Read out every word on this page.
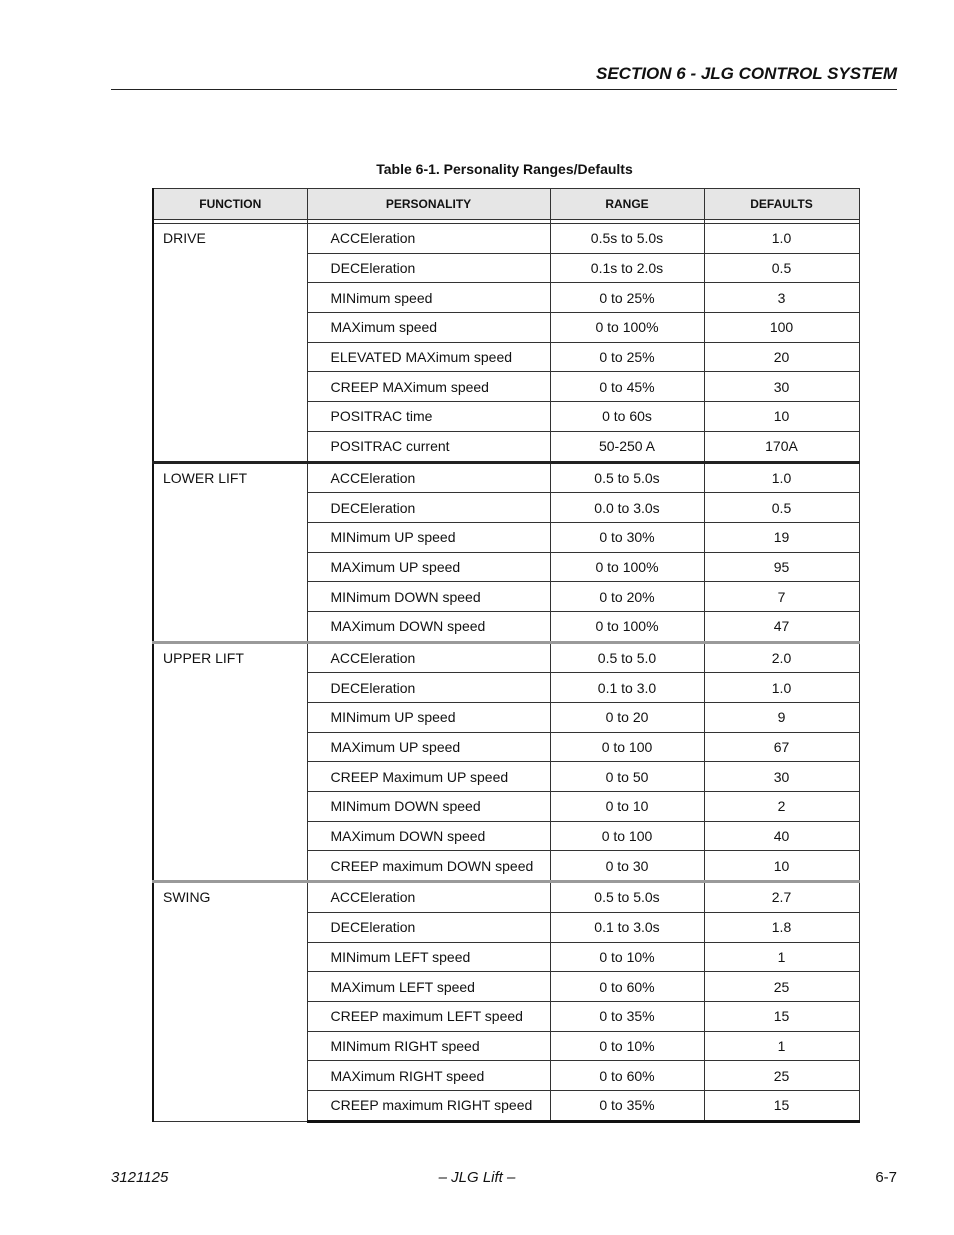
SECTION 6 - JLG CONTROL SYSTEM
Table 6-1. Personality Ranges/Defaults
FUNCTION	PERSONALITY	RANGE	DEFAULTS

DRIVE	ACCEleration	0.5s to 5.0s	1.0
	DECEleration	0.1s to 2.0s	0.5
	MINimum speed	0 to 25%	3
	MAXimum speed	0 to 100%	100
	ELEVATED MAXimum speed	0 to 25%	20
	CREEP MAXimum speed	0 to 45%	30
	POSITRAC time	0 to 60s	10
	POSITRAC current	50-250 A	170A
LOWER LIFT	ACCEleration	0.5 to 5.0s	1.0
	DECEleration	0.0 to 3.0s	0.5
	MINimum UP speed	0 to 30%	19
	MAXimum UP speed	0 to 100%	95
	MINimum DOWN speed	0 to 20%	7
	MAXimum DOWN speed	0 to 100%	47
UPPER LIFT	ACCEleration	0.5 to 5.0	2.0
	DECEleration	0.1 to 3.0	1.0
	MINimum UP speed	0 to 20	9
	MAXimum UP speed	0 to 100	67
	CREEP Maximum UP speed	0 to 50	30
	MINimum DOWN speed	0 to 10	2
	MAXimum DOWN speed	0 to 100	40
	CREEP maximum DOWN speed	0 to 30	10
SWING	ACCEleration	0.5 to 5.0s	2.7
	DECEleration	0.1 to 3.0s	1.8
	MINimum LEFT speed	0 to 10%	1
	MAXimum LEFT speed	0 to 60%	25
	CREEP maximum LEFT speed	0 to 35%	15
	MINimum RIGHT speed	0 to 10%	1
	MAXimum RIGHT speed	0 to 60%	25
	CREEP maximum RIGHT speed	0 to 35%	15
3121125	– JLG Lift –	6-7
